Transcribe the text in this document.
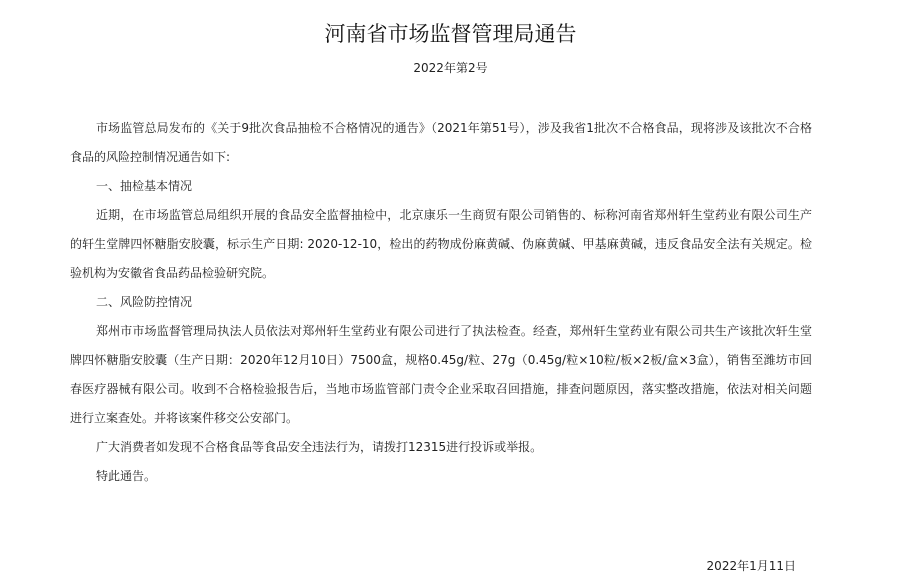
河南省市场监督管理局通告
2022年第2号

市场监管总局发布的《关于9批次食品抽检不合格情况的通告》（2021年第51号），涉及我省1批次不合格食品，现将涉及该批次不合格食品的风险控制情况通告如下:

一、抽检基本情况

近期，在市场监管总局组织开展的食品安全监督抽检中，北京康乐一生商贸有限公司销售的、标称河南省郑州轩生堂药业有限公司生产的轩生堂牌四怀糖脂安胶囊，标示生产日期: 2020-12-10，检出的药物成份麻黄碱、伪麻黄碱、甲基麻黄碱，违反食品安全法有关规定。检验机构为安徽省食品药品检验研究院。

二、风险防控情况

郑州市市场监督管理局执法人员依法对郑州轩生堂药业有限公司进行了执法检查。经查，郑州轩生堂药业有限公司共生产该批次轩生堂牌四怀糖脂安胶囊（生产日期：2020年12月10日）7500盒，规格0.45g/粒、27g（0.45g/粒×10粒/板×2板/盒×3盒），销售至潍坊市回春医疗器械有限公司。收到不合格检验报告后，当地市场监管部门责令企业采取召回措施，排查问题原因，落实整改措施，依法对相关问题进行立案查处。并将该案件移交公安部门。

广大消费者如发现不合格食品等食品安全违法行为，请拨打12315进行投诉或举报。

特此通告。

2022年1月11日
